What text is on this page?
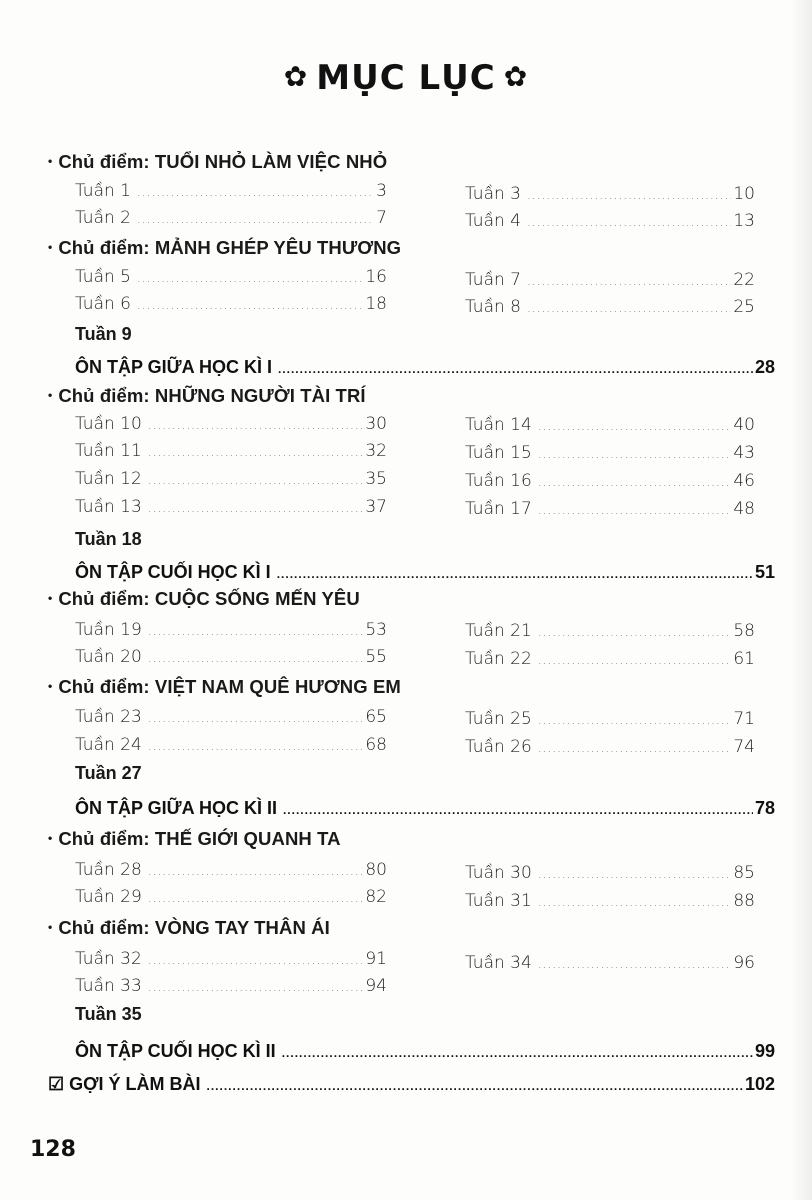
✿ MỤC LỤC ✿
• Chủ điểm: TUỔI NHỎ LÀM VIỆC NHỎ
Tuần 1 .....	3
Tuần 2 .....	7
Tuần 3 .....	10
Tuần 4 .....	13
• Chủ điểm: MẢNH GHÉP YÊU THƯƠNG
Tuần 5 .....	16
Tuần 6 .....	18
Tuần 7 .....	22
Tuần 8 .....	25
Tuần 9
ÔN TẬP GIỮA HỌC KÌ I .....	28
• Chủ điểm: NHỮNG NGƯỜI TÀI TRÍ
Tuần 10 .....	30
Tuần 11 .....	32
Tuần 12 .....	35
Tuần 13 .....	37
Tuần 14 .....	40
Tuần 15 .....	43
Tuần 16 .....	46
Tuần 17 .....	48
Tuần 18
ÔN TẬP CUỐI HỌC KÌ I .....	51
• Chủ điểm: CUỘC SỐNG MẾN YÊU
Tuần 19 .....	53
Tuần 20 .....	55
Tuần 21 .....	58
Tuần 22 .....	61
• Chủ điểm: VIỆT NAM QUÊ HƯƠNG EM
Tuần 23 .....	65
Tuần 24 .....	68
Tuần 25 .....	71
Tuần 26 .....	74
Tuần 27
ÔN TẬP GIỮA HỌC KÌ II .....	78
• Chủ điểm: THẾ GIỚI QUANH TA
Tuần 28 .....	80
Tuần 29 .....	82
Tuần 30 .....	85
Tuần 31 .....	88
• Chủ điểm: VÒNG TAY THÂN ÁI
Tuần 32 .....	91
Tuần 33 .....	94
Tuần 34 .....	96
Tuần 35
ÔN TẬP CUỐI HỌC KÌ II .....	99
☑ GỢI Ý LÀM BÀI .....	102
128
